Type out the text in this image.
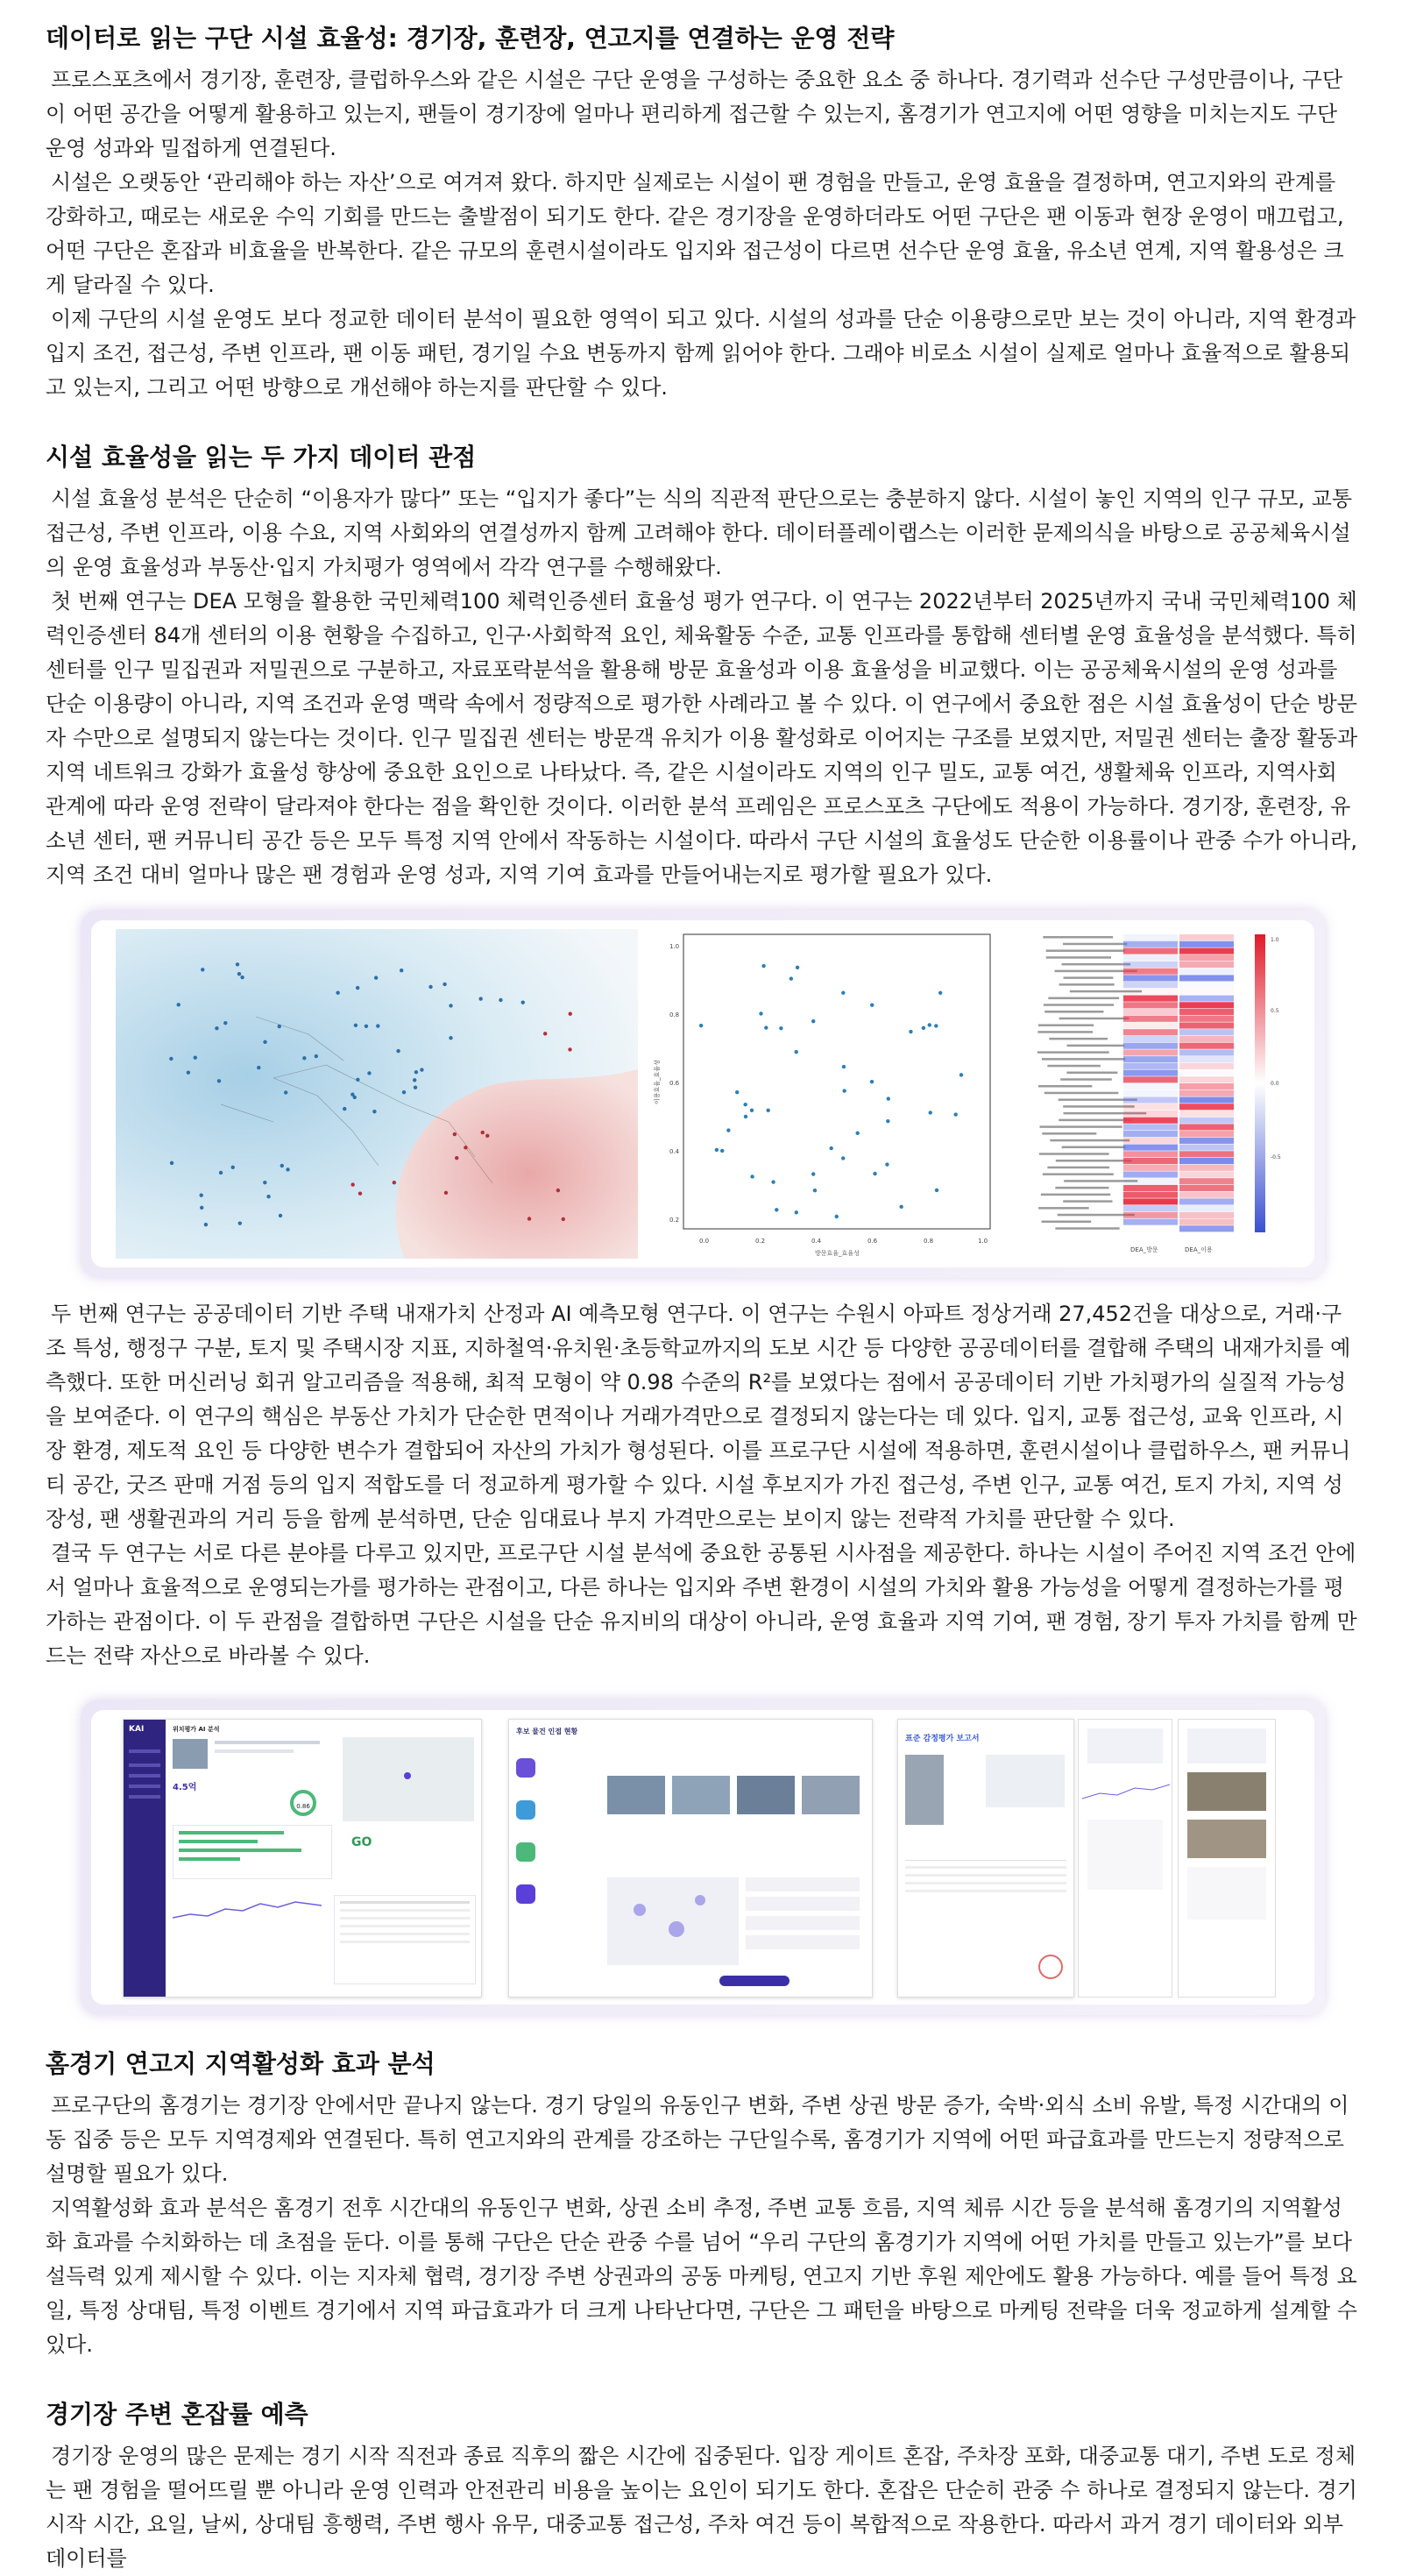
데이터로 읽는 구단 시설 효율성: 경기장, 훈련장, 연고지를 연결하는 운영 전략

프로스포츠에서 경기장, 훈련장, 클럽하우스와 같은 시설은 구단 운영을 구성하는 중요한 요소 중 하나다. 경기력과 선수단 구성만큼이나, 구단이 어떤 공간을 어떻게 활용하고 있는지, 팬들이 경기장에 얼마나 편리하게 접근할 수 있는지, 홈경기가 연고지에 어떤 영향을 미치는지도 구단 운영 성과와 밀접하게 연결된다.

시설은 오랫동안 ‘관리해야 하는 자산’으로 여겨져 왔다. 하지만 실제로는 시설이 팬 경험을 만들고, 운영 효율을 결정하며, 연고지와의 관계를 강화하고, 때로는 새로운 수익 기회를 만드는 출발점이 되기도 한다. 같은 경기장을 운영하더라도 어떤 구단은 팬 이동과 현장 운영이 매끄럽고, 어떤 구단은 혼잡과 비효율을 반복한다. 같은 규모의 훈련시설이라도 입지와 접근성이 다르면 선수단 운영 효율, 유소년 연계, 지역 활용성은 크게 달라질 수 있다.

이제 구단의 시설 운영도 보다 정교한 데이터 분석이 필요한 영역이 되고 있다. 시설의 성과를 단순 이용량으로만 보는 것이 아니라, 지역 환경과 입지 조건, 접근성, 주변 인프라, 팬 이동 패턴, 경기일 수요 변동까지 함께 읽어야 한다. 그래야 비로소 시설이 실제로 얼마나 효율적으로 활용되고 있는지, 그리고 어떤 방향으로 개선해야 하는지를 판단할 수 있다.

시설 효율성을 읽는 두 가지 데이터 관점

시설 효율성 분석은 단순히 “이용자가 많다” 또는 “입지가 좋다”는 식의 직관적 판단으로는 충분하지 않다. 시설이 놓인 지역의 인구 규모, 교통 접근성, 주변 인프라, 이용 수요, 지역 사회와의 연결성까지 함께 고려해야 한다. 데이터플레이랩스는 이러한 문제의식을 바탕으로 공공체육시설의 운영 효율성과 부동산·입지 가치평가 영역에서 각각 연구를 수행해왔다.

첫 번째 연구는 DEA 모형을 활용한 국민체력100 체력인증센터 효율성 평가 연구다. 이 연구는 2022년부터 2025년까지 국내 국민체력100 체력인증센터 84개 센터의 이용 현황을 수집하고, 인구·사회학적 요인, 체육활동 수준, 교통 인프라를 통합해 센터별 운영 효율성을 분석했다. 특히 센터를 인구 밀집권과 저밀권으로 구분하고, 자료포락분석을 활용해 방문 효율성과 이용 효율성을 비교했다. 이는 공공체육시설의 운영 성과를 단순 이용량이 아니라, 지역 조건과 운영 맥락 속에서 정량적으로 평가한 사례라고 볼 수 있다. 이 연구에서 중요한 점은 시설 효율성이 단순 방문자 수만으로 설명되지 않는다는 것이다. 인구 밀집권 센터는 방문객 유치가 이용 활성화로 이어지는 구조를 보였지만, 저밀권 센터는 출장 활동과 지역 네트워크 강화가 효율성 향상에 중요한 요인으로 나타났다. 즉, 같은 시설이라도 지역의 인구 밀도, 교통 여건, 생활체육 인프라, 지역사회 관계에 따라 운영 전략이 달라져야 한다는 점을 확인한 것이다. 이러한 분석 프레임은 프로스포츠 구단에도 적용이 가능하다. 경기장, 훈련장, 유소년 센터, 팬 커뮤니티 공간 등은 모두 특정 지역 안에서 작동하는 시설이다. 따라서 구단 시설의 효율성도 단순한 이용률이나 관중 수가 아니라, 지역 조건 대비 얼마나 많은 팬 경험과 운영 성과, 지역 기여 효과를 만들어내는지로 평가할 필요가 있다.

0.0	0.2	0.4	0.6	0.8	1.0
1.0
0.8
0.6
0.4
0.2
방문효율_효율성
이용효율_효율성
DEA_방문	DEA_이용
1.0
0.5
0.0
-0.5

두 번째 연구는 공공데이터 기반 주택 내재가치 산정과 AI 예측모형 연구다. 이 연구는 수원시 아파트 정상거래 27,452건을 대상으로, 거래·구조 특성, 행정구 구분, 토지 및 주택시장 지표, 지하철역·유치원·초등학교까지의 도보 시간 등 다양한 공공데이터를 결합해 주택의 내재가치를 예측했다. 또한 머신러닝 회귀 알고리즘을 적용해, 최적 모형이 약 0.98 수준의 R²를 보였다는 점에서 공공데이터 기반 가치평가의 실질적 가능성을 보여준다. 이 연구의 핵심은 부동산 가치가 단순한 면적이나 거래가격만으로 결정되지 않는다는 데 있다. 입지, 교통 접근성, 교육 인프라, 시장 환경, 제도적 요인 등 다양한 변수가 결합되어 자산의 가치가 형성된다. 이를 프로구단 시설에 적용하면, 훈련시설이나 클럽하우스, 팬 커뮤니티 공간, 굿즈 판매 거점 등의 입지 적합도를 더 정교하게 평가할 수 있다. 시설 후보지가 가진 접근성, 주변 인구, 교통 여건, 토지 가치, 지역 성장성, 팬 생활권과의 거리 등을 함께 분석하면, 단순 임대료나 부지 가격만으로는 보이지 않는 전략적 가치를 판단할 수 있다.

결국 두 연구는 서로 다른 분야를 다루고 있지만, 프로구단 시설 분석에 중요한 공통된 시사점을 제공한다. 하나는 시설이 주어진 지역 조건 안에서 얼마나 효율적으로 운영되는가를 평가하는 관점이고, 다른 하나는 입지와 주변 환경이 시설의 가치와 활용 가능성을 어떻게 결정하는가를 평가하는 관점이다. 이 두 관점을 결합하면 구단은 시설을 단순 유지비의 대상이 아니라, 운영 효율과 지역 기여, 팬 경험, 장기 투자 가치를 함께 만드는 전략 자산으로 바라볼 수 있다.

KAI	위치평가 AI 분석
4.5억
0.86
GO
후보 물건 인접 현황
표준 감정평가 보고서
홈경기 연고지 지역활성화 효과 분석

프로구단의 홈경기는 경기장 안에서만 끝나지 않는다. 경기 당일의 유동인구 변화, 주변 상권 방문 증가, 숙박·외식 소비 유발, 특정 시간대의 이동 집중 등은 모두 지역경제와 연결된다. 특히 연고지와의 관계를 강조하는 구단일수록, 홈경기가 지역에 어떤 파급효과를 만드는지 정량적으로 설명할 필요가 있다.

지역활성화 효과 분석은 홈경기 전후 시간대의 유동인구 변화, 상권 소비 추정, 주변 교통 흐름, 지역 체류 시간 등을 분석해 홈경기의 지역활성화 효과를 수치화하는 데 초점을 둔다. 이를 통해 구단은 단순 관중 수를 넘어 “우리 구단의 홈경기가 지역에 어떤 가치를 만들고 있는가”를 보다 설득력 있게 제시할 수 있다. 이는 지자체 협력, 경기장 주변 상권과의 공동 마케팅, 연고지 기반 후원 제안에도 활용 가능하다. 예를 들어 특정 요일, 특정 상대팀, 특정 이벤트 경기에서 지역 파급효과가 더 크게 나타난다면, 구단은 그 패턴을 바탕으로 마케팅 전략을 더욱 정교하게 설계할 수 있다.

경기장 주변 혼잡률 예측

경기장 운영의 많은 문제는 경기 시작 직전과 종료 직후의 짧은 시간에 집중된다. 입장 게이트 혼잡, 주차장 포화, 대중교통 대기, 주변 도로 정체는 팬 경험을 떨어뜨릴 뿐 아니라 운영 인력과 안전관리 비용을 높이는 요인이 되기도 한다. 혼잡은 단순히 관중 수 하나로 결정되지 않는다. 경기 시작 시간, 요일, 날씨, 상대팀 흥행력, 주변 행사 유무, 대중교통 접근성, 주차 여건 등이 복합적으로 작용한다. 따라서 과거 경기 데이터와 외부 데이터를
